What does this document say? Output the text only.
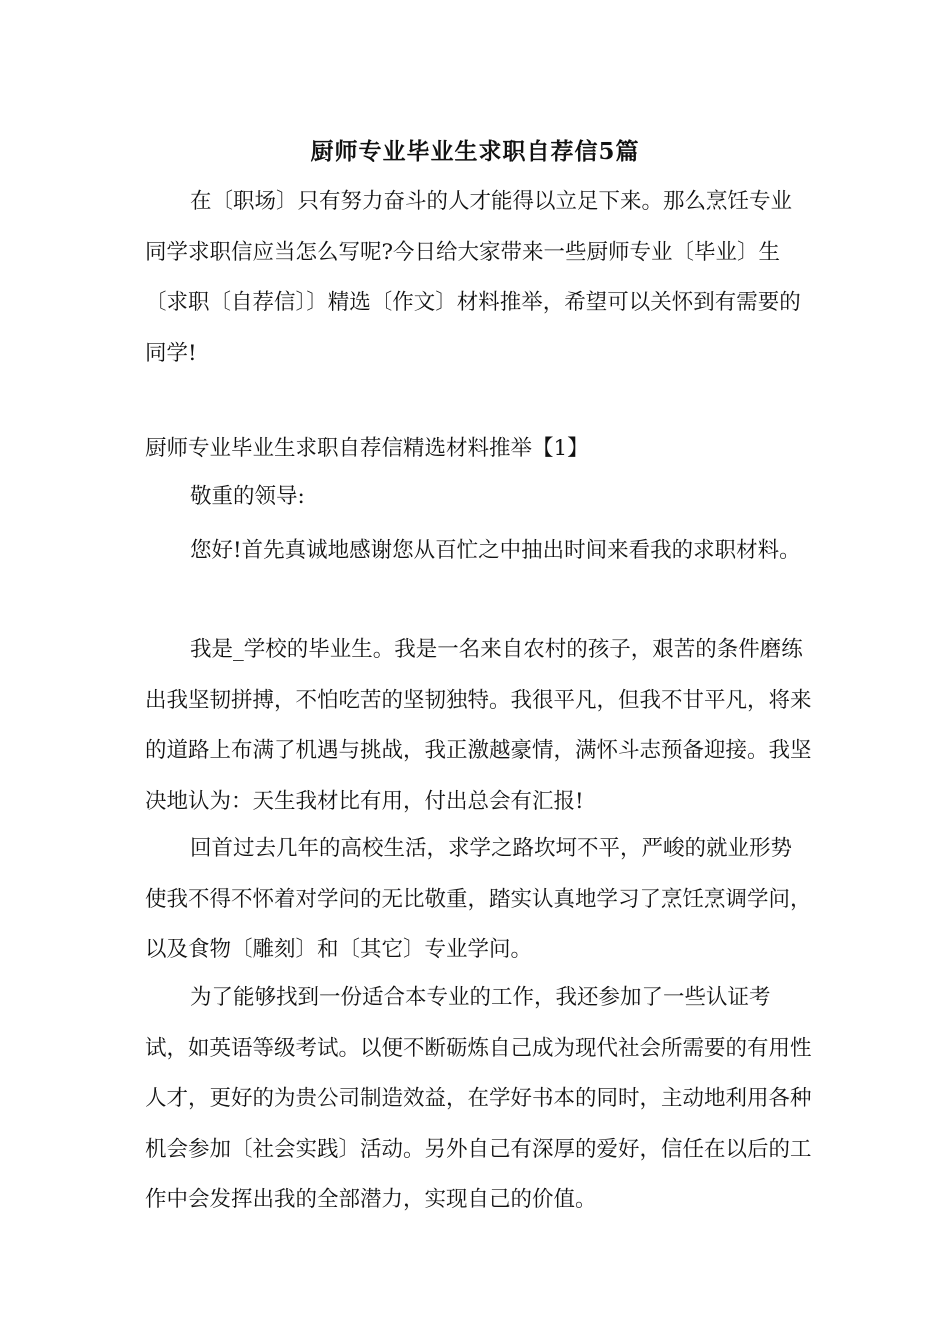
厨师专业毕业生求职自荐信5篇

在〔职场〕只有努力奋斗的人才能得以立足下来。那么烹饪专业同学求职信应当怎么写呢?今日给大家带来一些厨师专业〔毕业〕生〔求职〔自荐信〕〕精选〔作文〕材料推举，希望可以关怀到有需要的同学!

厨师专业毕业生求职自荐信精选材料推举【1】

敬重的领导:

您好!首先真诚地感谢您从百忙之中抽出时间来看我的求职材料。

我是_学校的毕业生。我是一名来自农村的孩子，艰苦的条件磨练出我坚韧拼搏，不怕吃苦的坚韧独特。我很平凡，但我不甘平凡，将来的道路上布满了机遇与挑战，我正激越豪情，满怀斗志预备迎接。我坚决地认为：天生我材比有用，付出总会有汇报!

回首过去几年的高校生活，求学之路坎坷不平，严峻的就业形势使我不得不怀着对学问的无比敬重，踏实认真地学习了烹饪烹调学问，以及食物〔雕刻〕和〔其它〕专业学问。

为了能够找到一份适合本专业的工作，我还参加了一些认证考试，如英语等级考试。以便不断砺炼自己成为现代社会所需要的有用性人才，更好的为贵公司制造效益，在学好书本的同时，主动地利用各种机会参加〔社会实践〕活动。另外自己有深厚的爱好，信任在以后的工作中会发挥出我的全部潜力，实现自己的价值。
